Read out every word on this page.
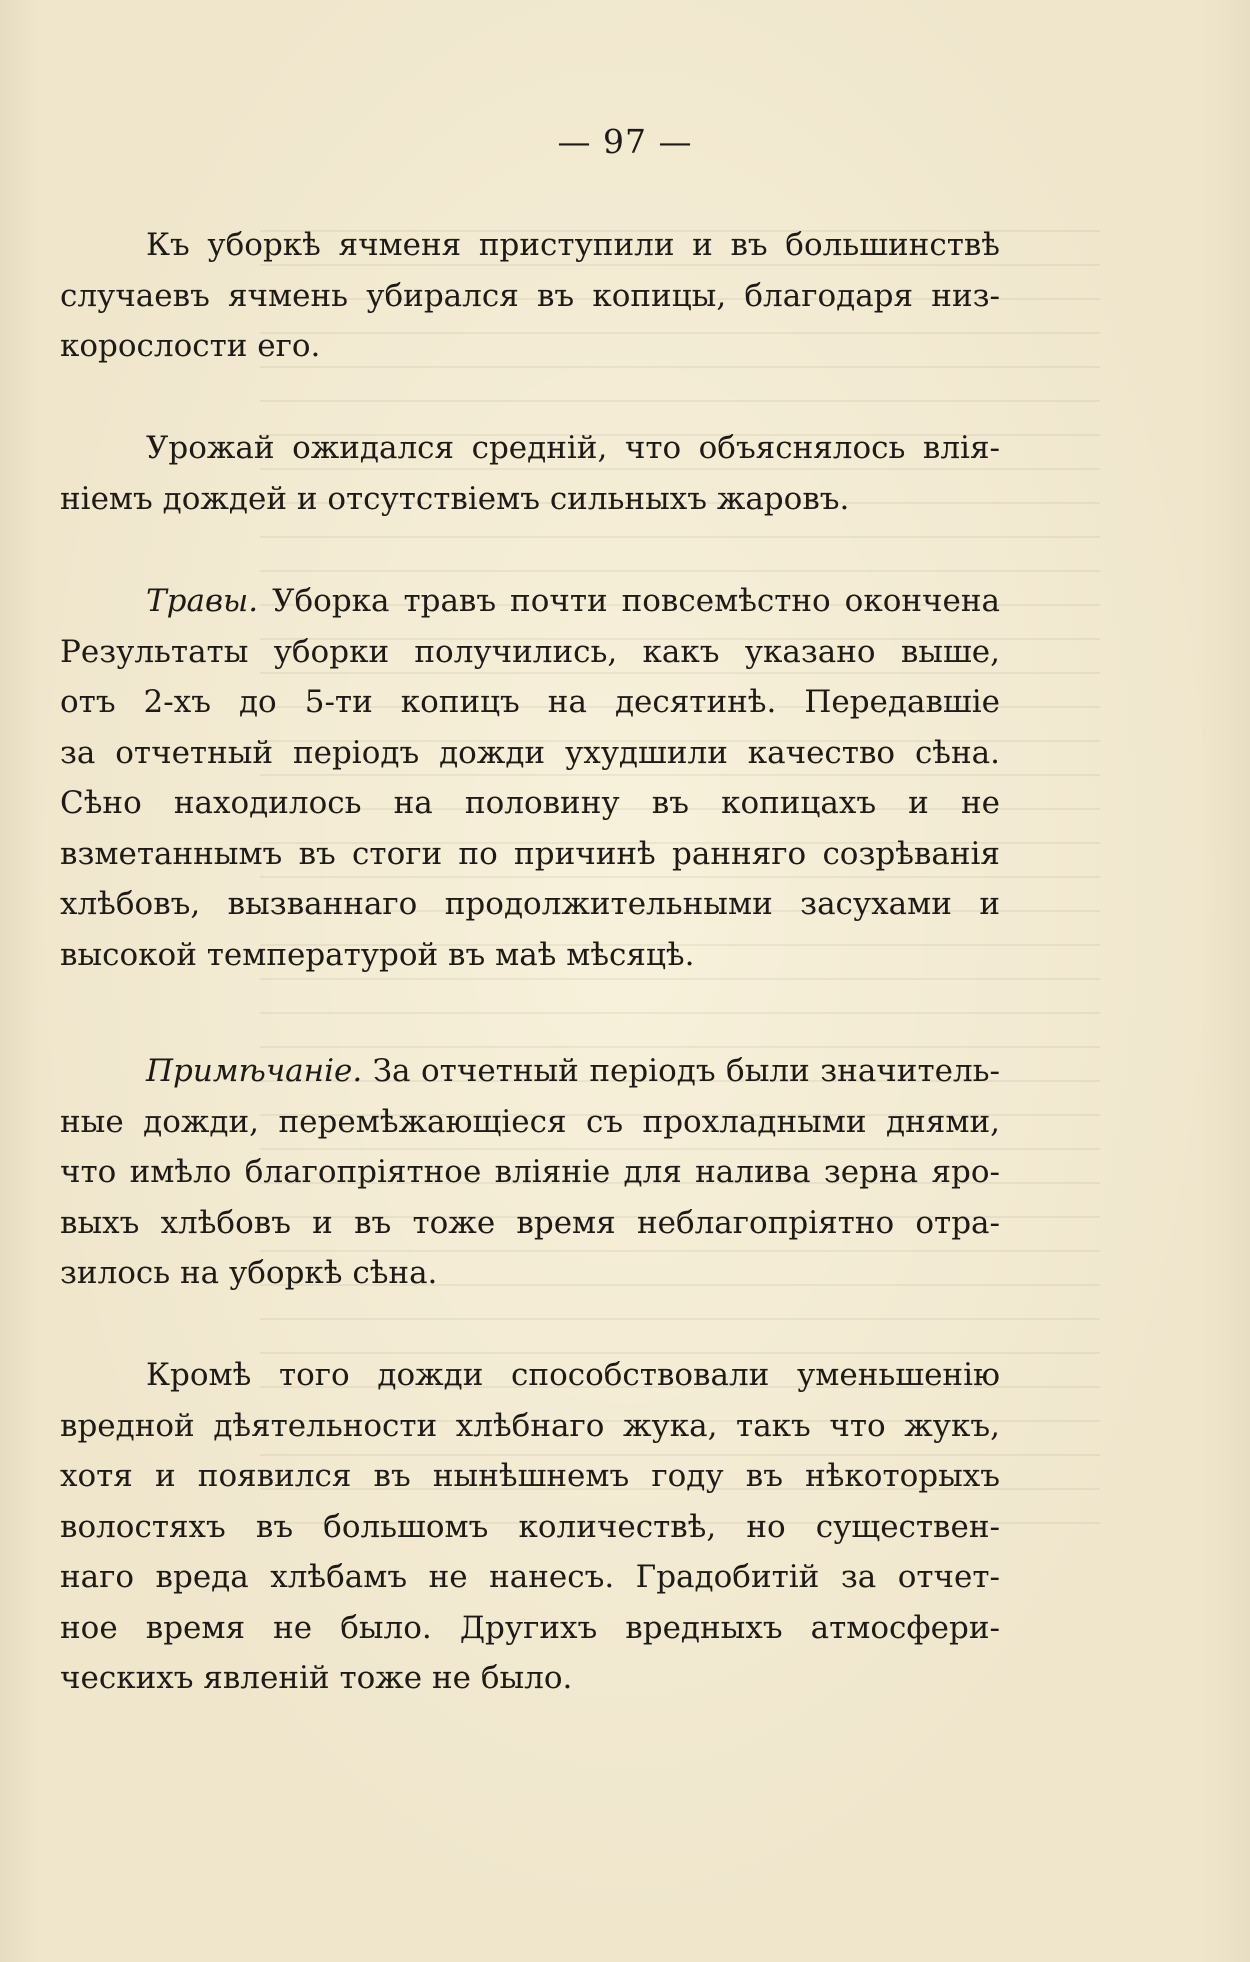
— 97 —
Къ уборкѣ ячменя приступили и въ большинствѣ
случаевъ ячмень убирался въ копицы, благодаря низ-
корослости его.
Урожай ожидался среднiй, что объяснялось влiя-
нiемъ дождей и отсутствiемъ сильныхъ жаровъ.
Травы. Уборка травъ почти повсемѣстно окончена
Результаты уборки получились, какъ указано выше,
отъ 2-хъ до 5-ти копицъ на десятинѣ. Передавшiе
за отчетный перiодъ дожди ухудшили качество сѣна.
Сѣно находилось на половину въ копицахъ и не
взметаннымъ въ стоги по причинѣ ранняго созрѣванiя
хлѣбовъ, вызваннаго продолжительными засухами и
высокой температурой въ маѣ мѣсяцѣ.
Примѣчанiе. За отчетный перiодъ были значитель-
ные дожди, перемѣжающiеся съ прохладными днями,
что имѣло благопрiятное влiянiе для налива зерна яро-
выхъ хлѣбовъ и въ тоже время неблагопрiятно отра-
зилось на уборкѣ сѣна.
Кромѣ того дожди способствовали уменьшенiю
вредной дѣятельности хлѣбнаго жука, такъ что жукъ,
хотя и появился въ нынѣшнемъ году въ нѣкоторыхъ
волостяхъ въ большомъ количествѣ, но существен-
наго вреда хлѣбамъ не нанесъ. Градобитiй за отчет-
ное время не было. Другихъ вредныхъ атмосфери-
ческихъ явленiй тоже не было.
